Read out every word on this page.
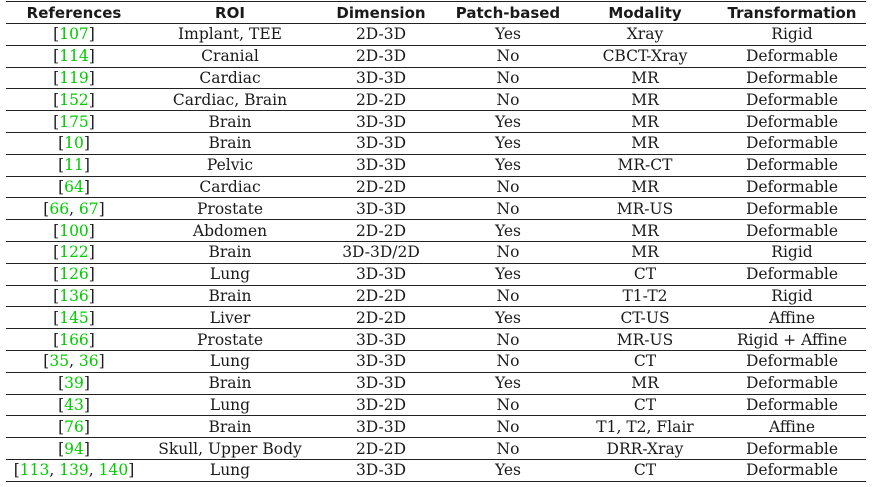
References	ROI	Dimension	Patch-based	Modality	Transformation
[107]	Implant, TEE	2D-3D	Yes	Xray	Rigid
[114]	Cranial	2D-3D	No	CBCT-Xray	Deformable
[119]	Cardiac	3D-3D	No	MR	Deformable
[152]	Cardiac, Brain	2D-2D	No	MR	Deformable
[175]	Brain	3D-3D	Yes	MR	Deformable
[10]	Brain	3D-3D	Yes	MR	Deformable
[11]	Pelvic	3D-3D	Yes	MR-CT	Deformable
[64]	Cardiac	2D-2D	No	MR	Deformable
[66, 67]	Prostate	3D-3D	No	MR-US	Deformable
[100]	Abdomen	2D-2D	Yes	MR	Deformable
[122]	Brain	3D-3D/2D	No	MR	Rigid
[126]	Lung	3D-3D	Yes	CT	Deformable
[136]	Brain	2D-2D	No	T1-T2	Rigid
[145]	Liver	2D-2D	Yes	CT-US	Affine
[166]	Prostate	3D-3D	No	MR-US	Rigid + Affine
[35, 36]	Lung	3D-3D	No	CT	Deformable
[39]	Brain	3D-3D	Yes	MR	Deformable
[43]	Lung	3D-2D	No	CT	Deformable
[76]	Brain	3D-3D	No	T1, T2, Flair	Affine
[94]	Skull, Upper Body	2D-2D	No	DRR-Xray	Deformable
[113, 139, 140]	Lung	3D-3D	Yes	CT	Deformable
